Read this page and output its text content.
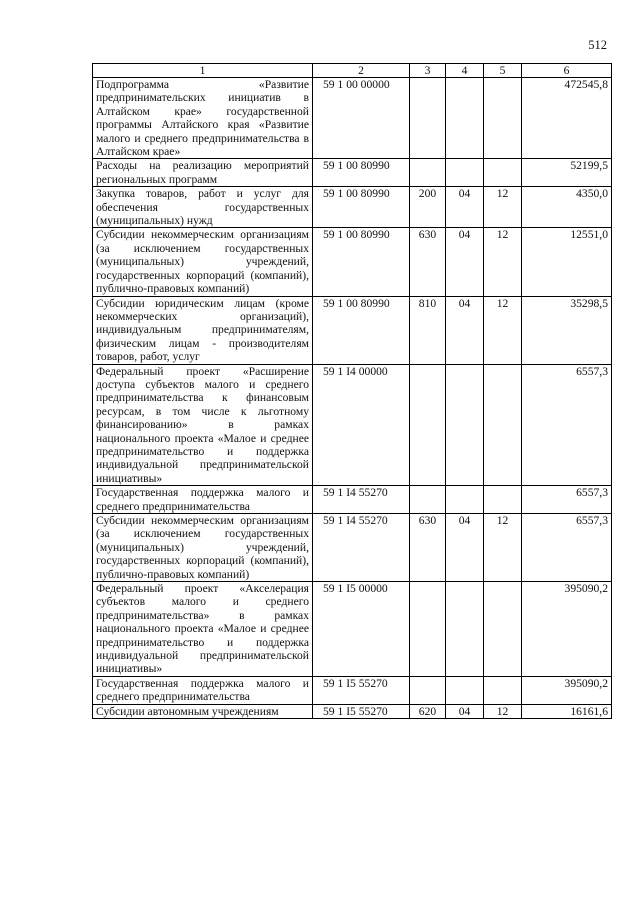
512
1	2	3	4	5	6
Подпрограмма «Развитие предпринимательских инициатив в Алтайском крае» государственной программы Алтайского края «Развитие малого и среднего предпринимательства в Алтайском крае»	59 1 00 00000				472545,8
Расходы на реализацию мероприятий региональных программ	59 1 00 80990				52199,5
Закупка товаров, работ и услуг для обеспечения государственных (муниципальных) нужд	59 1 00 80990	200	04	12	4350,0
Субсидии некоммерческим организациям (за исключением государственных (муниципальных) учреждений, государственных корпораций (компаний), публично-правовых компаний)	59 1 00 80990	630	04	12	12551,0
Субсидии юридическим лицам (кроме некоммерческих организаций), индивидуальным предпринимателям, физическим лицам - производителям товаров, работ, услуг	59 1 00 80990	810	04	12	35298,5
Федеральный проект «Расширение доступа субъектов малого и среднего предпринимательства к финансовым ресурсам, в том числе к льготному финансированию» в рамках национального проекта «Малое и среднее предпринимательство и поддержка индивидуальной предпринимательской инициативы»	59 1 I4 00000				6557,3
Государственная поддержка малого и среднего предпринимательства	59 1 I4 55270				6557,3
Субсидии некоммерческим организациям (за исключением государственных (муниципальных) учреждений, государственных корпораций (компаний), публично-правовых компаний)	59 1 I4 55270	630	04	12	6557,3
Федеральный проект «Акселерация субъектов малого и среднего предпринимательства» в рамках национального проекта «Малое и среднее предпринимательство и поддержка индивидуальной предпринимательской инициативы»	59 1 I5 00000				395090,2
Государственная поддержка малого и среднего предпринимательства	59 1 I5 55270				395090,2
Субсидии автономным учреждениям	59 1 I5 55270	620	04	12	16161,6
